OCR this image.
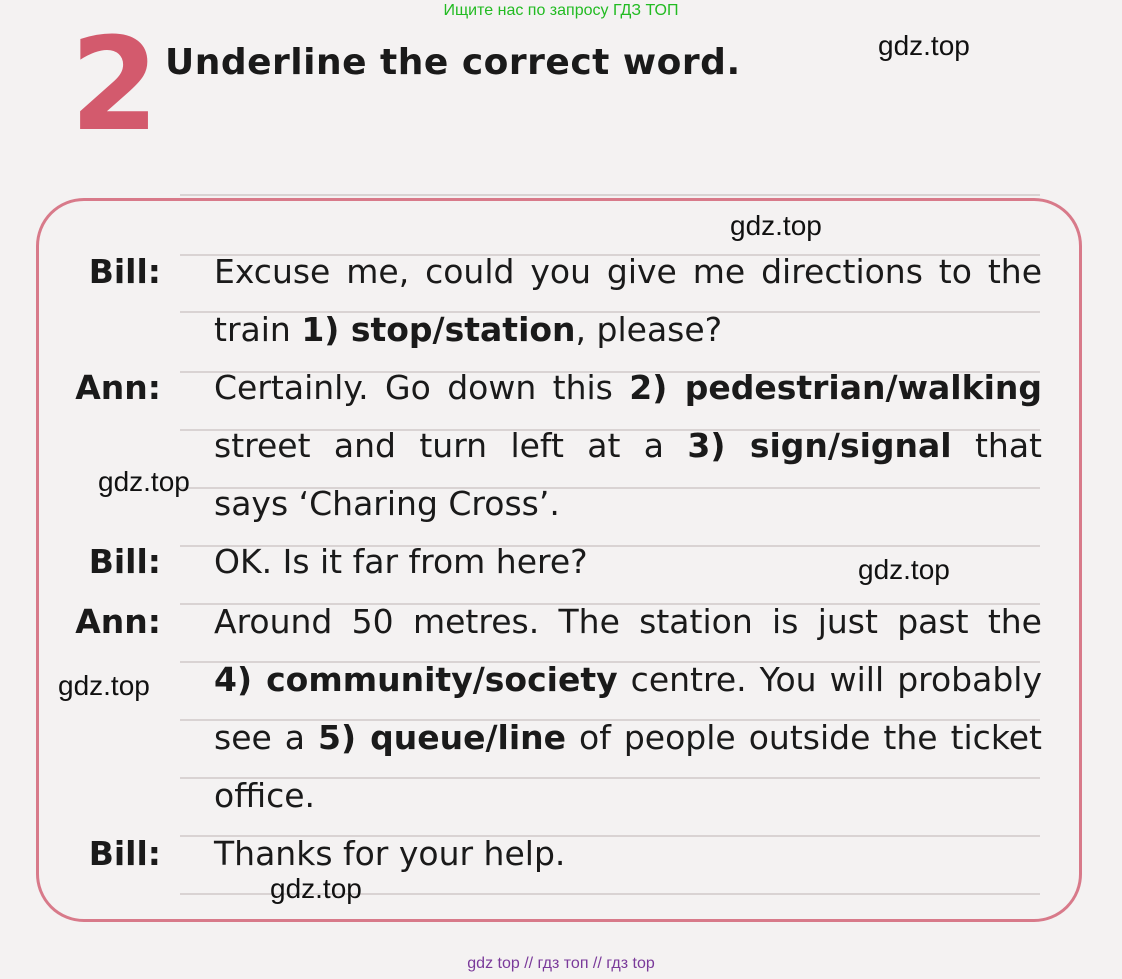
Ищите нас по запросу ГДЗ ТОП
2 Underline the correct word.
Bill: Excuse me, could you give me directions to the
train 1) stop/station, please?
Ann: Certainly. Go down this 2) pedestrian/walking
street and turn left at a 3) sign/signal that
says ‘Charing Cross’.
Bill: OK. Is it far from here?
Ann: Around 50 metres. The station is just past the
4) community/society centre. You will probably
see a 5) queue/line of people outside the ticket
office.
Bill: Thanks for your help.
gdz.top
gdz.top
gdz.top
gdz.top
gdz.top
gdz.top
gdz top // гдз топ // гдз top
